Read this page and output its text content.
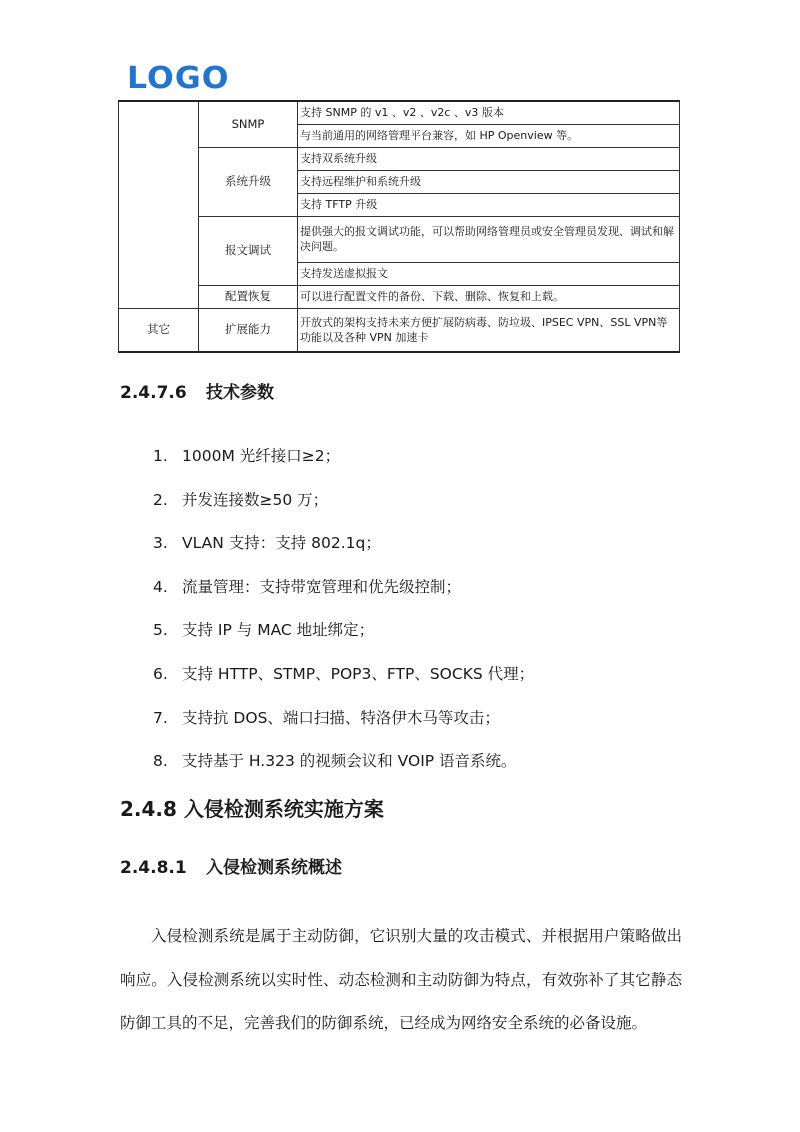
LOGO
	SNMP	支持 SNMP 的 v1 、v2 、v2c 、v3 版本
		与当前通用的网络管理平台兼容，如 HP Openview 等。
	系统升级	支持双系统升级
		支持远程维护和系统升级
		支持 TFTP 升级
	报文调试	提供强大的报文调试功能，可以帮助网络管理员或安全管理员发现、调试和解决问题。
		支持发送虚拟报文
	配置恢复	可以进行配置文件的备份、下载、删除、恢复和上载。

其它	扩展能力	开放式的架构支持未来方便扩展防病毒、防垃圾、IPSEC VPN、SSL VPN等功能以及各种 VPN 加速卡
2.4.7.6 技术参数
1. 1000M 光纤接口≥2；
2. 并发连接数≥50 万；
3. VLAN 支持：支持 802.1q；
4. 流量管理：支持带宽管理和优先级控制；
5. 支持 IP 与 MAC 地址绑定；
6. 支持 HTTP、STMP、POP3、FTP、SOCKS 代理；
7. 支持抗 DOS、端口扫描、特洛伊木马等攻击；
8. 支持基于 H.323 的视频会议和 VOIP 语音系统。
2.4.8 入侵检测系统实施方案
2.4.8.1 入侵检测系统概述

入侵检测系统是属于主动防御，它识别大量的攻击模式、并根据用户策略做出响应。入侵检测系统以实时性、动态检测和主动防御为特点，有效弥补了其它静态防御工具的不足，完善我们的防御系统，已经成为网络安全系统的必备设施。
